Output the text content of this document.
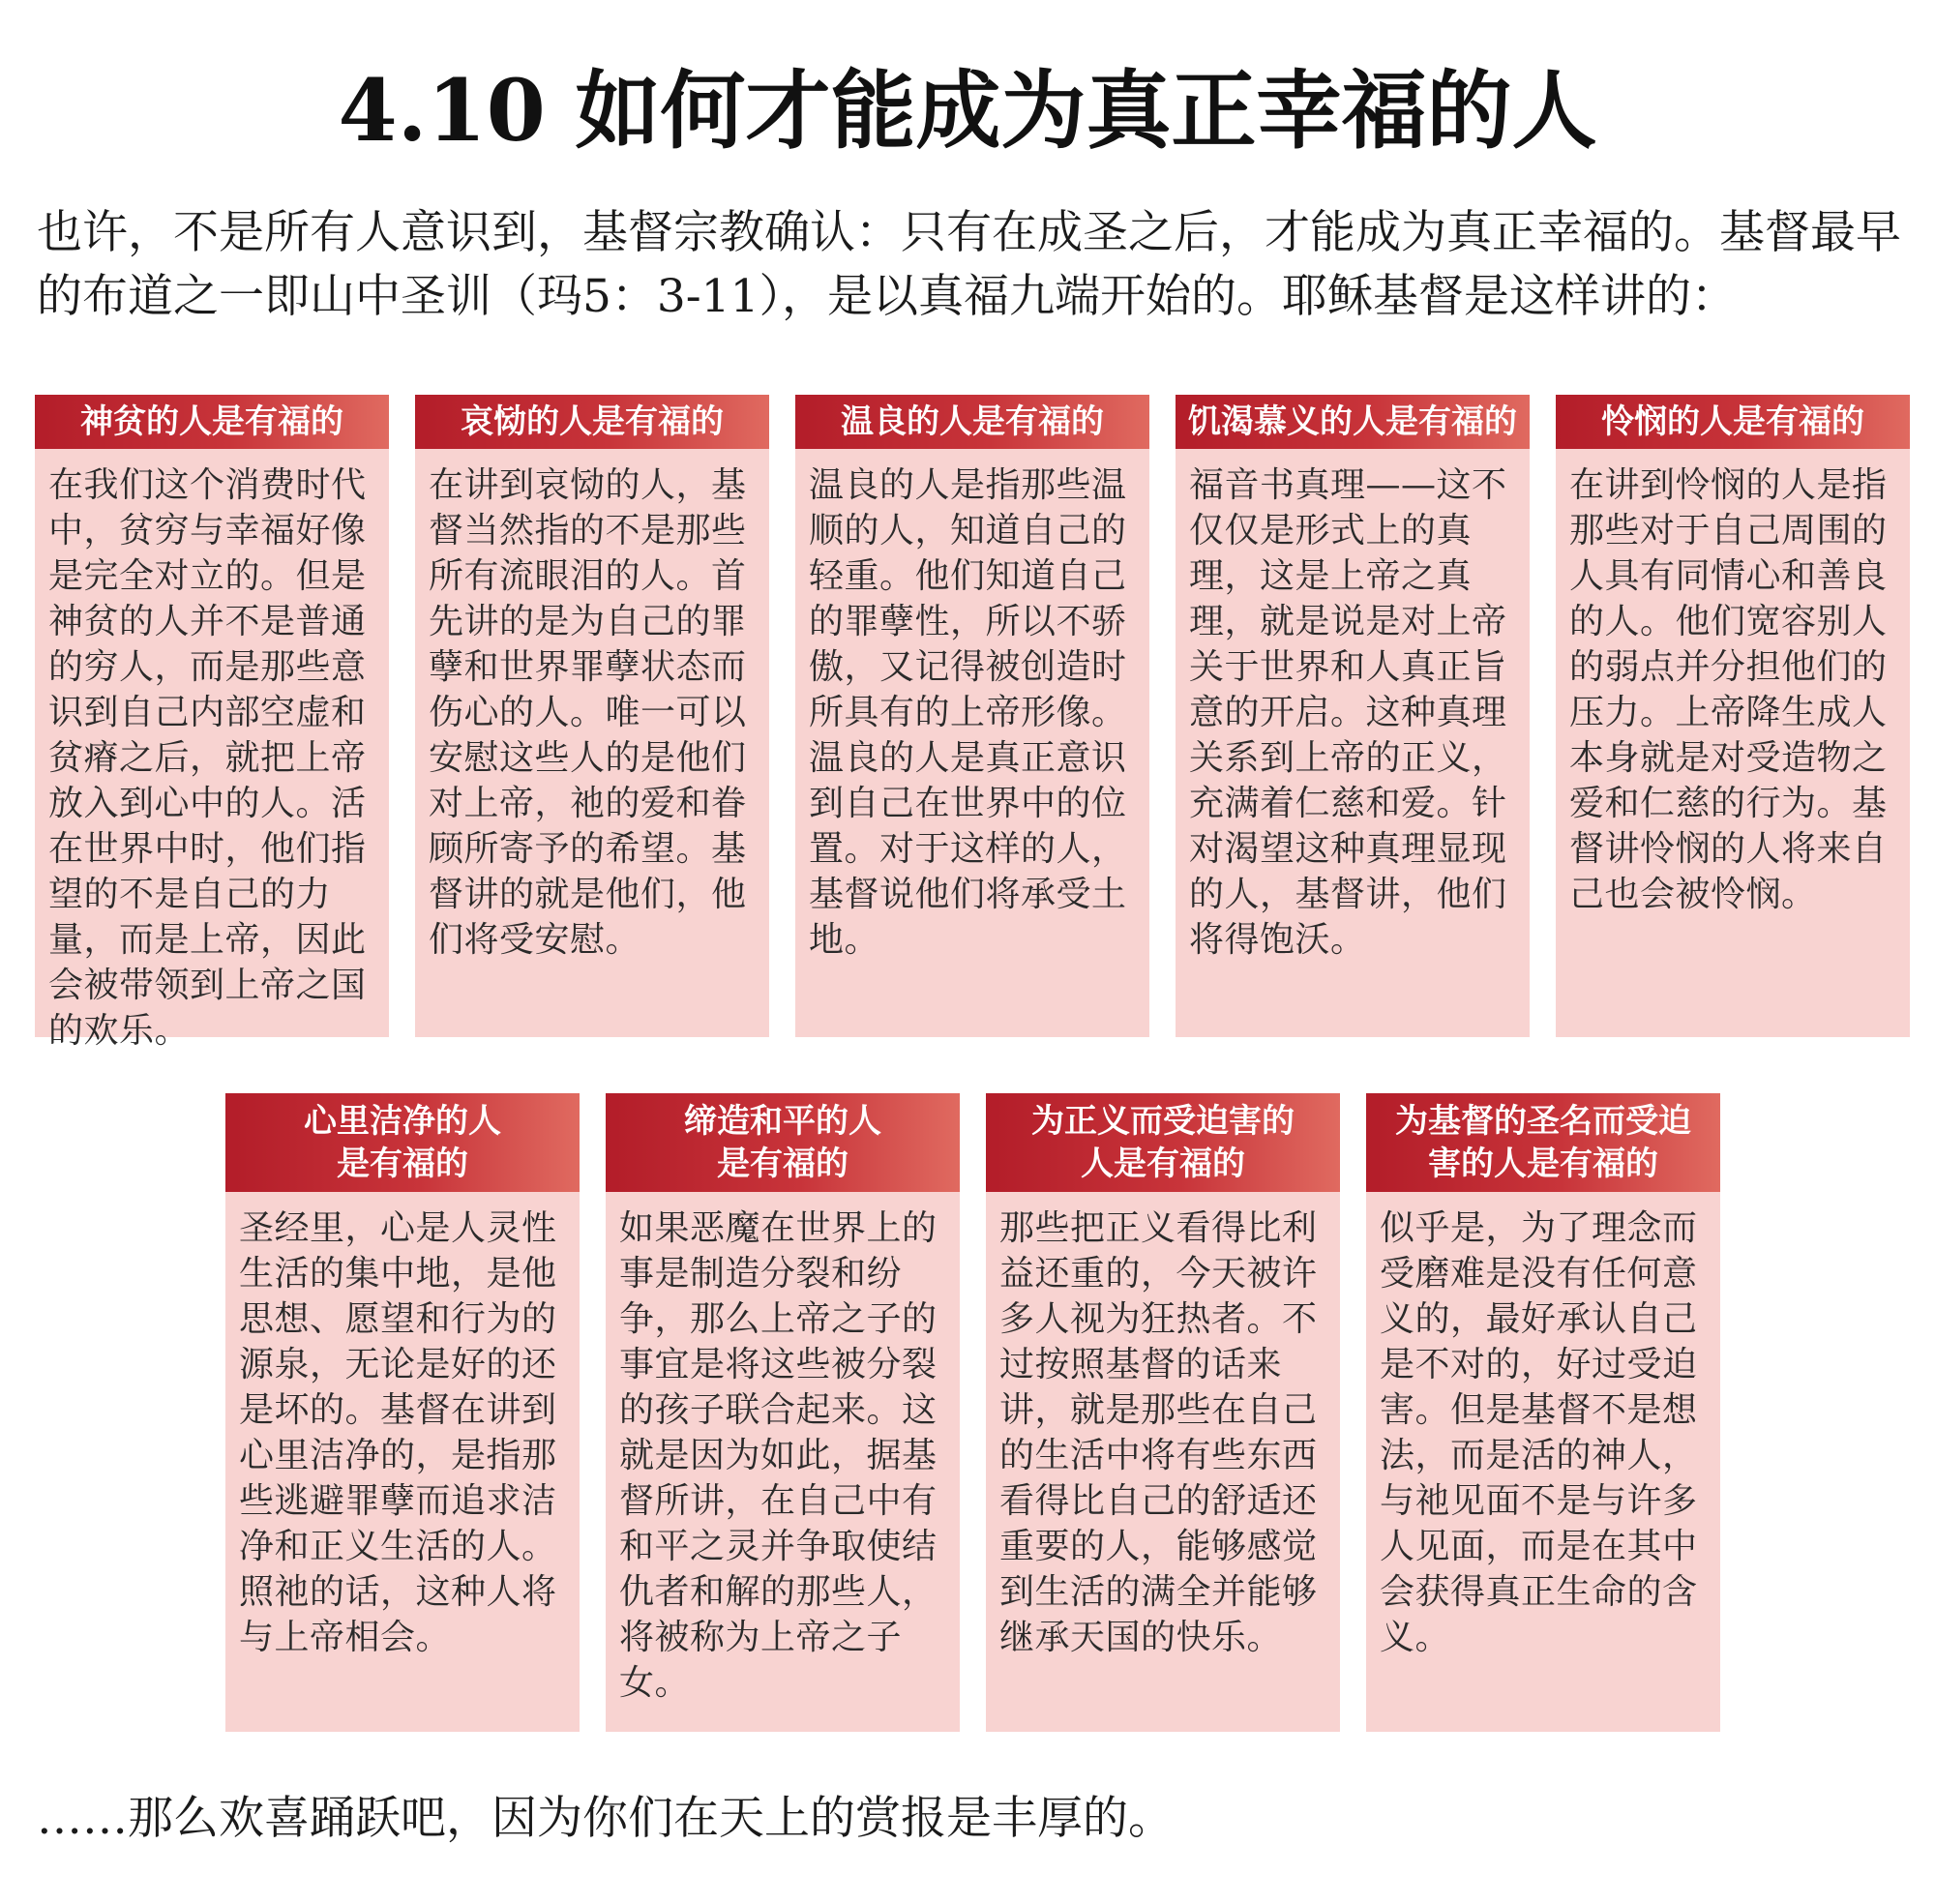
4.10 如何才能成为真正幸福的人

也许，不是所有人意识到，基督宗教确认：只有在成圣之后，才能成为真正幸福的。基督最早的布道之一即山中圣训（玛5：3-11），是以真福九端开始的。耶稣基督是这样讲的：

神贫的人是有福的
在我们这个消费时代中，贫穷与幸福好像是完全对立的。但是神贫的人并不是普通的穷人，而是那些意识到自己内部空虚和贫瘠之后，就把上帝放入到心中的人。活在世界中时，他们指望的不是自己的力量，而是上帝，因此会被带领到上帝之国的欢乐。
哀恸的人是有福的
在讲到哀恸的人，基督当然指的不是那些所有流眼泪的人。首先讲的是为自己的罪孽和世界罪孽状态而伤心的人。唯一可以安慰这些人的是他们对上帝，祂的爱和眷顾所寄予的希望。基督讲的就是他们，他们将受安慰。
温良的人是有福的
温良的人是指那些温顺的人，知道自己的轻重。他们知道自己的罪孽性，所以不骄傲，又记得被创造时所具有的上帝形像。温良的人是真正意识到自己在世界中的位置。对于这样的人，基督说他们将承受土地。
饥渴慕义的人是有福的
福音书真理——这不仅仅是形式上的真理，这是上帝之真理，就是说是对上帝关于世界和人真正旨意的开启。这种真理关系到上帝的正义，充满着仁慈和爱。针对渴望这种真理显现的人，基督讲，他们将得饱沃。
怜悯的人是有福的
在讲到怜悯的人是指那些对于自己周围的人具有同情心和善良的人。他们宽容别人的弱点并分担他们的压力。上帝降生成人本身就是对受造物之爱和仁慈的行为。基督讲怜悯的人将来自己也会被怜悯。
心里洁净的人
是有福的
圣经里，心是人灵性生活的集中地，是他思想、愿望和行为的源泉，无论是好的还是坏的。基督在讲到心里洁净的，是指那些逃避罪孽而追求洁净和正义生活的人。照祂的话，这种人将与上帝相会。
缔造和平的人
是有福的
如果恶魔在世界上的事是制造分裂和纷争，那么上帝之子的事宜是将这些被分裂的孩子联合起来。这就是因为如此，据基督所讲，在自己中有和平之灵并争取使结仇者和解的那些人，将被称为上帝之子女。
为正义而受迫害的
人是有福的
那些把正义看得比利益还重的，今天被许多人视为狂热者。不过按照基督的话来讲，就是那些在自己的生活中将有些东西看得比自己的舒适还重要的人，能够感觉到生活的满全并能够继承天国的快乐。
为基督的圣名而受迫
害的人是有福的
似乎是，为了理念而受磨难是没有任何意义的，最好承认自己是不对的，好过受迫害。但是基督不是想法，而是活的神人，与祂见面不是与许多人见面，而是在其中会获得真正生命的含义。

……那么欢喜踊跃吧，因为你们在天上的赏报是丰厚的。
